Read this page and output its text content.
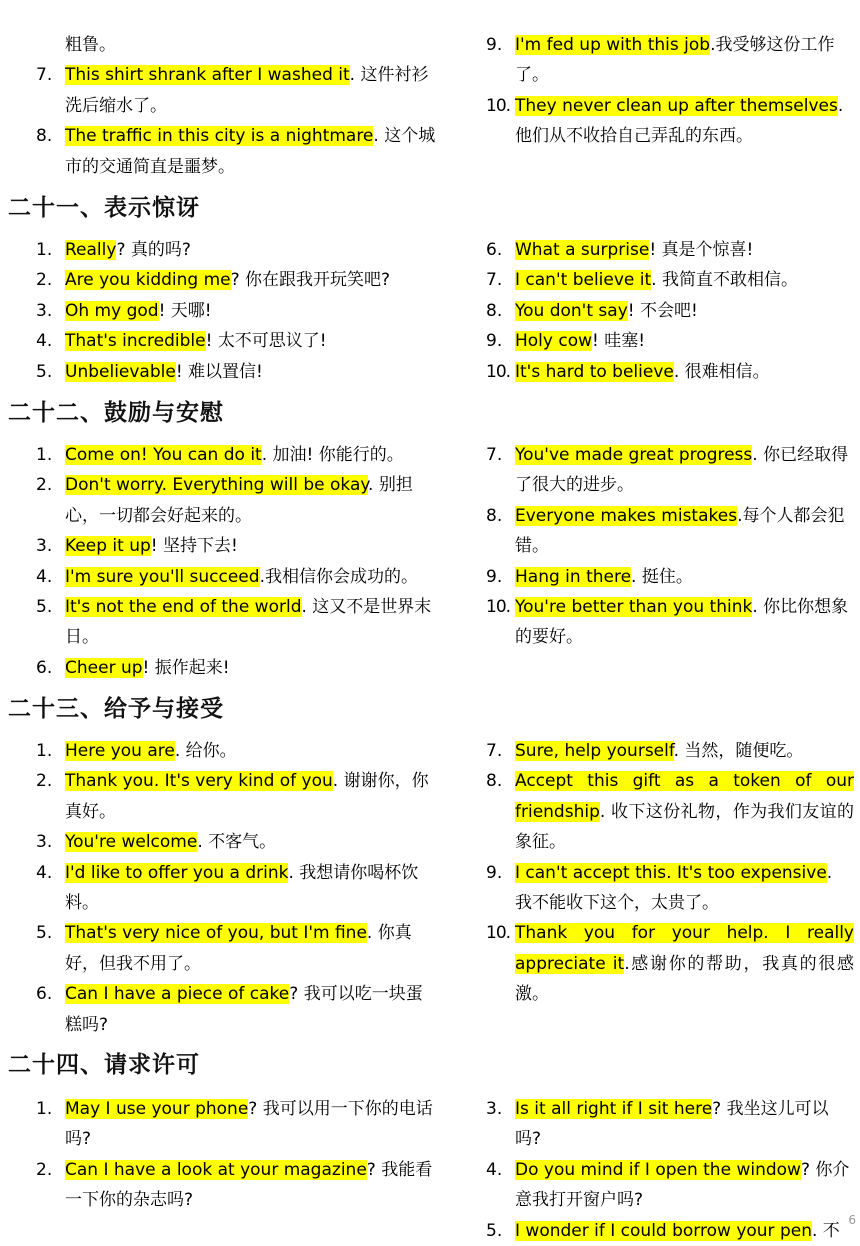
粗鲁。
7. This shirt shrank after I washed it. 这件衬衫洗后缩水了。
8. The traffic in this city is a nightmare. 这个城市的交通简直是噩梦。
9. I'm fed up with this job.我受够这份工作了。
10. They never clean up after themselves. 他们从不收拾自己弄乱的东西。
二十一、表示惊讶
1. Really? 真的吗?
2. Are you kidding me? 你在跟我开玩笑吧?
3. Oh my god! 天哪!
4. That's incredible! 太不可思议了!
5. Unbelievable! 难以置信!
6. What a surprise! 真是个惊喜!
7. I can't believe it. 我简直不敢相信。
8. You don't say! 不会吧!
9. Holy cow! 哇塞!
10. It's hard to believe. 很难相信。
二十二、鼓励与安慰
1. Come on! You can do it. 加油! 你能行的。
2. Don't worry. Everything will be okay. 别担心，一切都会好起来的。
3. Keep it up! 坚持下去!
4. I'm sure you'll succeed.我相信你会成功的。
5. It's not the end of the world. 这又不是世界末日。
6. Cheer up! 振作起来!
7. You've made great progress. 你已经取得了很大的进步。
8. Everyone makes mistakes.每个人都会犯错。
9. Hang in there. 挺住。
10. You're better than you think. 你比你想象的要好。
二十三、给予与接受
1. Here you are. 给你。
2. Thank you. It's very kind of you. 谢谢你，你真好。
3. You're welcome. 不客气。
4. I'd like to offer you a drink. 我想请你喝杯饮料。
5. That's very nice of you, but I'm fine. 你真好，但我不用了。
6. Can I have a piece of cake? 我可以吃一块蛋糕吗?
7. Sure, help yourself. 当然，随便吃。
8. Accept this gift as a token of our friendship. 收下这份礼物，作为我们友谊的象征。
9. I can't accept this. It's too expensive. 我不能收下这个，太贵了。
10. Thank you for your help. I really appreciate it.感谢你的帮助，我真的很感激。
二十四、请求许可
1. May I use your phone? 我可以用一下你的电话吗?
2. Can I have a look at your magazine? 我能看一下你的杂志吗?
3. Is it all right if I sit here? 我坐这儿可以吗?
4. Do you mind if I open the window? 你介意我打开窗户吗?
5. I wonder if I could borrow your pen. 不
6
